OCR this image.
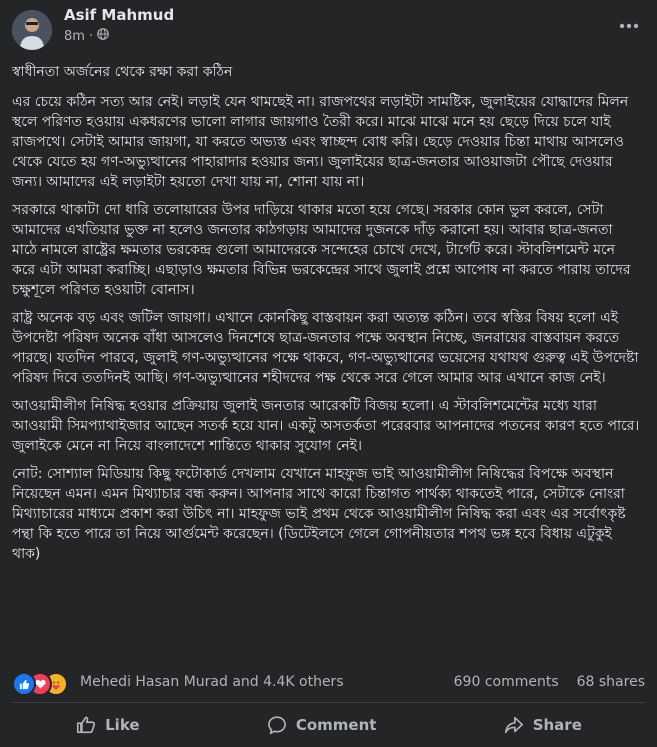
Asif Mahmud
8m ·

স্বাধীনতা অর্জনের থেকে রক্ষা করা কঠিন

এর চেয়ে কঠিন সত্য আর নেই। লড়াই যেন থামছেই না। রাজপথের লড়াইটা সামষ্টিক, জুলাইয়ের যোদ্ধাদের মিলন স্থলে পরিণত হওয়ায় একধরণের ভালো লাগার জায়গাও তৈরী করে। মাঝে মাঝে মনে হয় ছেড়ে দিয়ে চলে যাই রাজপথে। সেটাই আমার জায়গা, যা করতে অভ্যস্ত এবং স্বাচ্ছন্দ বোধ করি। ছেড়ে দেওয়ার চিন্তা মাথায় আসলেও থেকে যেতে হয় গণ-অভ্যুত্থানের পাহারাদার হওয়ার জন্য। জুলাইয়ের ছাত্র-জনতার আওয়াজটা পৌছে দেওয়ার জন্য। আমাদের এই লড়াইটা হয়তো দেখা যায় না, শোনা যায় না।

সরকারে থাকাটা দো ধারি তলোয়ারের উপর দাড়িয়ে থাকার মতো হয়ে গেছে। সরকার কোন ভুল করলে, সেটা আমাদের এখতিয়ার ভুক্ত না হলেও জনতার কাঠগড়ায় আমাদের দুজনকে দাঁড় করানো হয়। আবার ছাত্র-জনতা মাঠে নামলে রাষ্ট্রের ক্ষমতার ভরকেন্দ্র গুলো আমাদেরকে সন্দেহের চোখে দেখে, টার্গেট করে। স্টাবলিশমেন্ট মনে করে এটা আমরা করাচ্ছি। এছাড়াও ক্ষমতার বিভিন্ন ভরকেন্দ্রের সাথে জুলাই প্রশ্নে আপোষ না করতে পারায় তাদের চক্ষুশূলে পরিণত হওয়াটা বোনাস।

রাষ্ট্র অনেক বড় এবং জটিল জায়গা। এখানে কোনকিছু বাস্তবায়ন করা অত্যন্ত কঠিন। তবে স্বস্তির বিষয় হলো এই উপদেষ্টা পরিষদ অনেক বাঁধা আসলেও দিনশেষে ছাত্র-জনতার পক্ষে অবস্থান নিচ্ছে, জনরায়ের বাস্তবায়ন করতে পারছে। যতদিন পারবে, জুলাই গণ-অভ্যুত্থানের পক্ষে থাকবে, গণ-অভ্যুত্থানের ভয়েসের যথাযথ গুরুত্ব এই উপদেষ্টা পরিষদ দিবে ততদিনই আছি। গণ-অভ্যুত্থানের শহীদদের পক্ষ থেকে সরে গেলে আমার আর এখানে কাজ নেই।

আওয়ামীলীগ নিষিদ্ধ হওয়ার প্রক্রিয়ায় জুলাই জনতার আরেকটি বিজয় হলো। এ স্টাবলিশমেন্টের মধ্যে যারা আওয়ামী সিমপ্যাথাইজার আছেন সতর্ক হয়ে যান। একটু অসতর্কতা পরেরবার আপনাদের পতনের কারণ হতে পারে। জুলাইকে মেনে না নিয়ে বাংলাদেশে শান্তিতে থাকার সুযোগ নেই।

নোট: সোশ্যাল মিডিয়ায় কিছু ফটোকার্ড দেখলাম যেখানে মাহফুজ ভাই আওয়ামীলীগ নিষিদ্ধের বিপক্ষে অবস্থান নিয়েছেন এমন। এমন মিথ্যাচার বন্ধ করুন। আপনার সাথে কারো চিন্তাগত পার্থক্য থাকতেই পারে, সেটাকে নোংরা মিথ্যাচারের মাধ্যমে প্রকাশ করা উচিৎ না। মাহফুজ ভাই প্রথম থেকে আওয়ামীলীগ নিষিদ্ধ করা এবং এর সর্বোৎকৃষ্ট পন্থা কি হতে পারে তা নিয়ে আর্গুমেন্ট করেছেন। (ডিটেইলসে গেলে গোপনীয়তার শপথ ভঙ্গ হবে বিধায় এটুকুই থাক)

Mehedi Hasan Murad and 4.4K others	690 comments 68 shares
Like	Comment	Share
